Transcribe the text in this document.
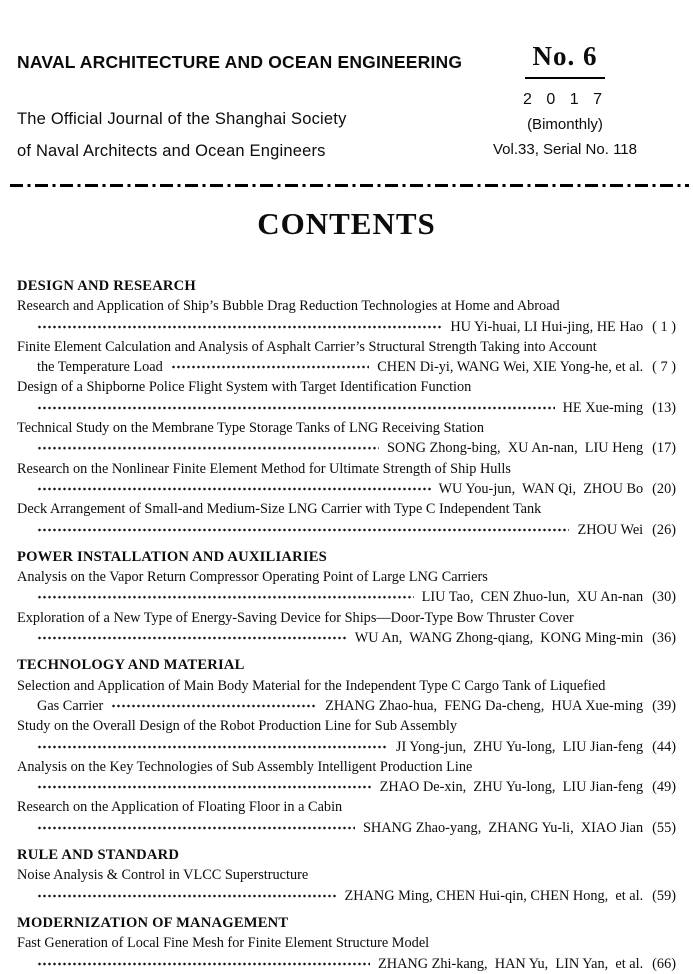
NAVAL ARCHITECTURE AND OCEAN ENGINEERING
The Official Journal of the Shanghai Society
of Naval Architects and Ocean Engineers
No. 6
2 0 1 7
(Bimonthly)
Vol.33, Serial No. 118
CONTENTS
DESIGN AND RESEARCH
Research and Application of Ship’s Bubble Drag Reduction Technologies at Home and Abroad
HU Yi-huai, LI Hui-jing, HE Hao ( 1 )
Finite Element Calculation and Analysis of Asphalt Carrier’s Structural Strength Taking into Account
the Temperature Load	CHEN Di-yi, WANG Wei, XIE Yong-he, et al. ( 7 )
Design of a Shipborne Police Flight System with Target Identification Function
HE Xue-ming (13)
Technical Study on the Membrane Type Storage Tanks of LNG Receiving Station
SONG Zhong-bing,  XU An-nan,  LIU Heng (17)
Research on the Nonlinear Finite Element Method for Ultimate Strength of Ship Hulls
WU You-jun,  WAN Qi,  ZHOU Bo (20)
Deck Arrangement of Small-and Medium-Size LNG Carrier with Type C Independent Tank
ZHOU Wei (26)
POWER INSTALLATION AND AUXILIARIES
Analysis on the Vapor Return Compressor Operating Point of Large LNG Carriers
LIU Tao,  CEN Zhuo-lun,  XU An-nan (30)
Exploration of a New Type of Energy-Saving Device for Ships—Door-Type Bow Thruster Cover
WU An,  WANG Zhong-qiang,  KONG Ming-min (36)
TECHNOLOGY AND MATERIAL
Selection and Application of Main Body Material for the Independent Type C Cargo Tank of Liquefied
Gas Carrier	ZHANG Zhao-hua,  FENG Da-cheng,  HUA Xue-ming (39)
Study on the Overall Design of the Robot Production Line for Sub Assembly
JI Yong-jun,  ZHU Yu-long,  LIU Jian-feng (44)
Analysis on the Key Technologies of Sub Assembly Intelligent Production Line
ZHAO De-xin,  ZHU Yu-long,  LIU Jian-feng (49)
Research on the Application of Floating Floor in a Cabin
SHANG Zhao-yang,  ZHANG Yu-li,  XIAO Jian (55)
RULE AND STANDARD
Noise Analysis & Control in VLCC Superstructure
ZHANG Ming, CHEN Hui-qin, CHEN Hong,  et al. (59)
MODERNIZATION OF MANAGEMENT
Fast Generation of Local Fine Mesh for Finite Element Structure Model
ZHANG Zhi-kang,  HAN Yu,  LIN Yan,  et al. (66)
